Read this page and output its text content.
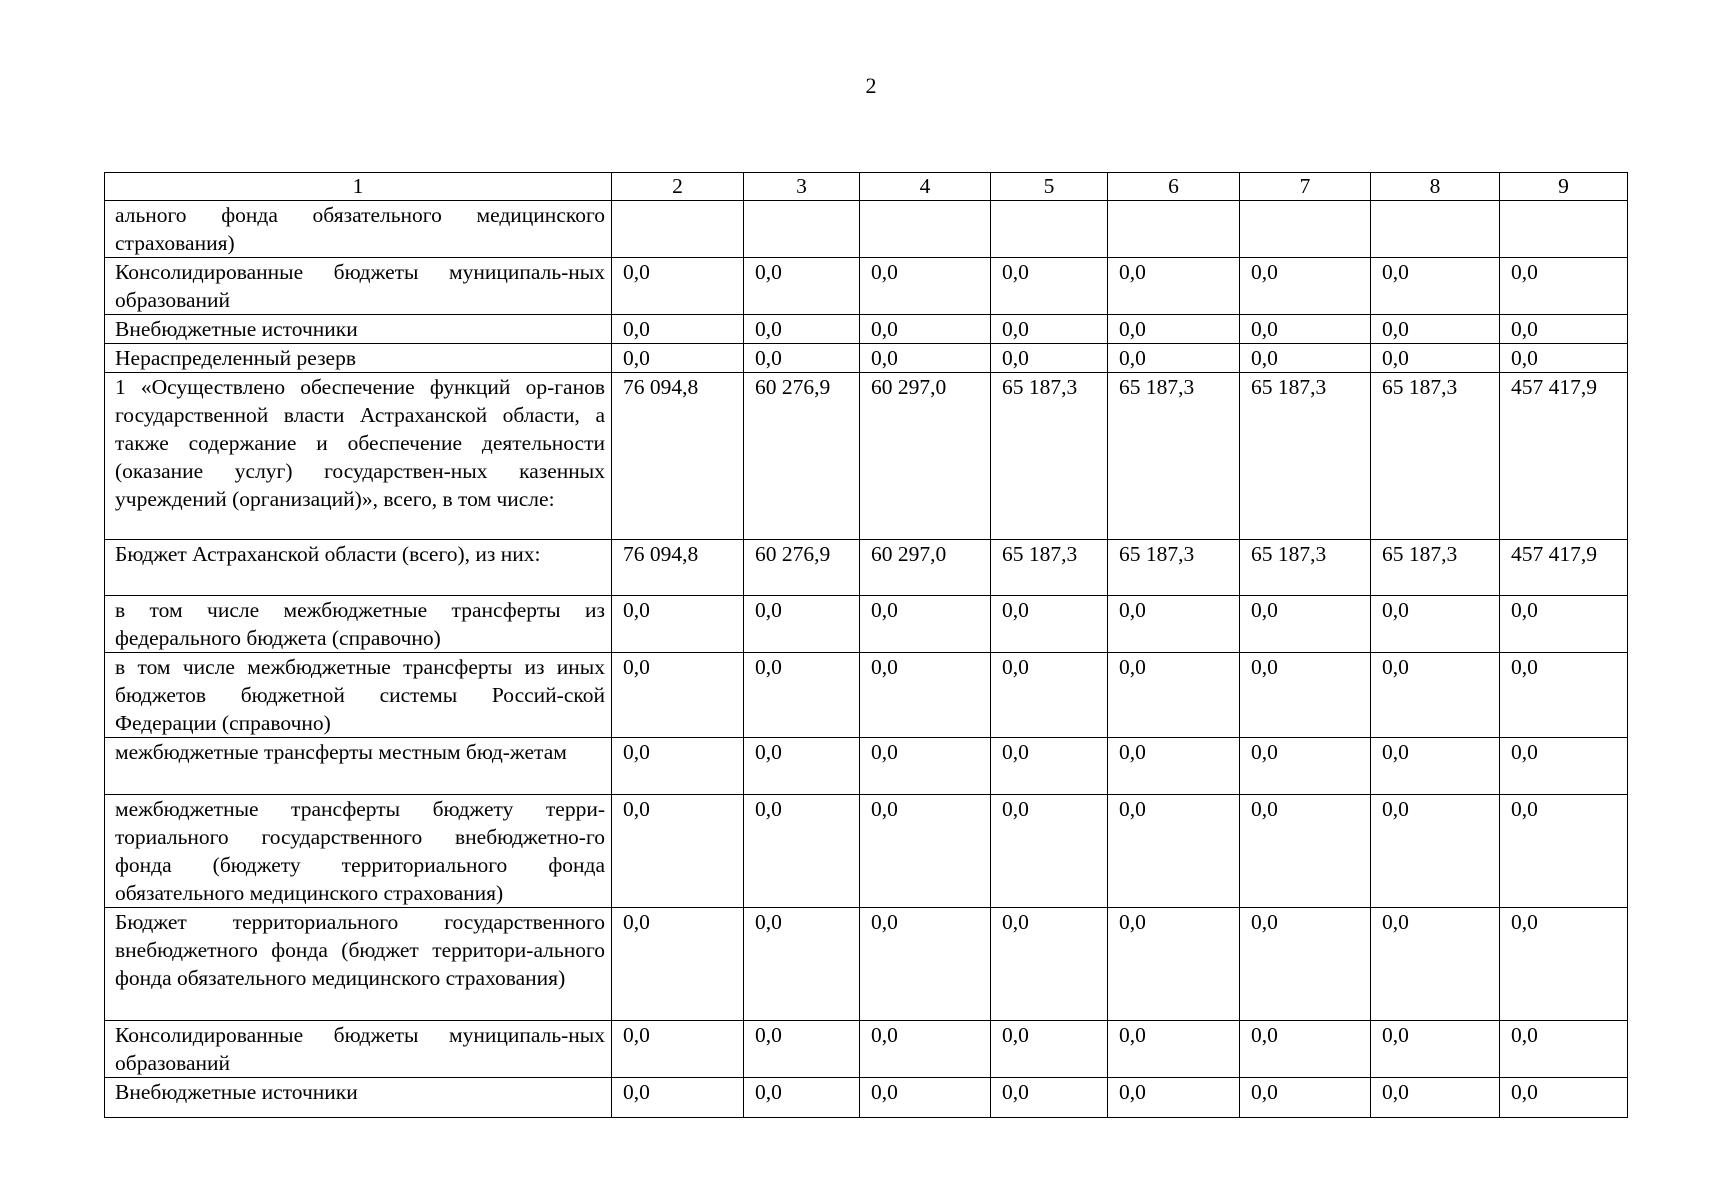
2
1	2	3	4	5	6	7	8	9
ального фонда обязательного медицинского страхования)								
Консолидированные бюджеты муниципаль-ных образований	0,0	0,0	0,0	0,0	0,0	0,0	0,0	0,0
Внебюджетные источники	0,0	0,0	0,0	0,0	0,0	0,0	0,0	0,0
Нераспределенный резерв	0,0	0,0	0,0	0,0	0,0	0,0	0,0	0,0
1 «Осуществлено обеспечение функций ор-ганов государственной власти Астраханской области, а также содержание и обеспечение деятельности (оказание услуг) государствен-ных казенных учреждений (организаций)», всего, в том числе:	76 094,8	60 276,9	60 297,0	65 187,3	65 187,3	65 187,3	65 187,3	457 417,9
Бюджет Астраханской области (всего), из них:	76 094,8	60 276,9	60 297,0	65 187,3	65 187,3	65 187,3	65 187,3	457 417,9
в том числе межбюджетные трансферты из федерального бюджета (справочно)	0,0	0,0	0,0	0,0	0,0	0,0	0,0	0,0
в том числе межбюджетные трансферты из иных бюджетов бюджетной системы Россий-ской Федерации (справочно)	0,0	0,0	0,0	0,0	0,0	0,0	0,0	0,0
межбюджетные трансферты местным бюд-жетам	0,0	0,0	0,0	0,0	0,0	0,0	0,0	0,0
межбюджетные трансферты бюджету терри-ториального государственного внебюджетно-го фонда (бюджету территориального фонда обязательного медицинского страхования)	0,0	0,0	0,0	0,0	0,0	0,0	0,0	0,0
Бюджет территориального государственного внебюджетного фонда (бюджет территори-ального фонда обязательного медицинского страхования)	0,0	0,0	0,0	0,0	0,0	0,0	0,0	0,0
Консолидированные бюджеты муниципаль-ных образований	0,0	0,0	0,0	0,0	0,0	0,0	0,0	0,0
Внебюджетные источники	0,0	0,0	0,0	0,0	0,0	0,0	0,0	0,0
